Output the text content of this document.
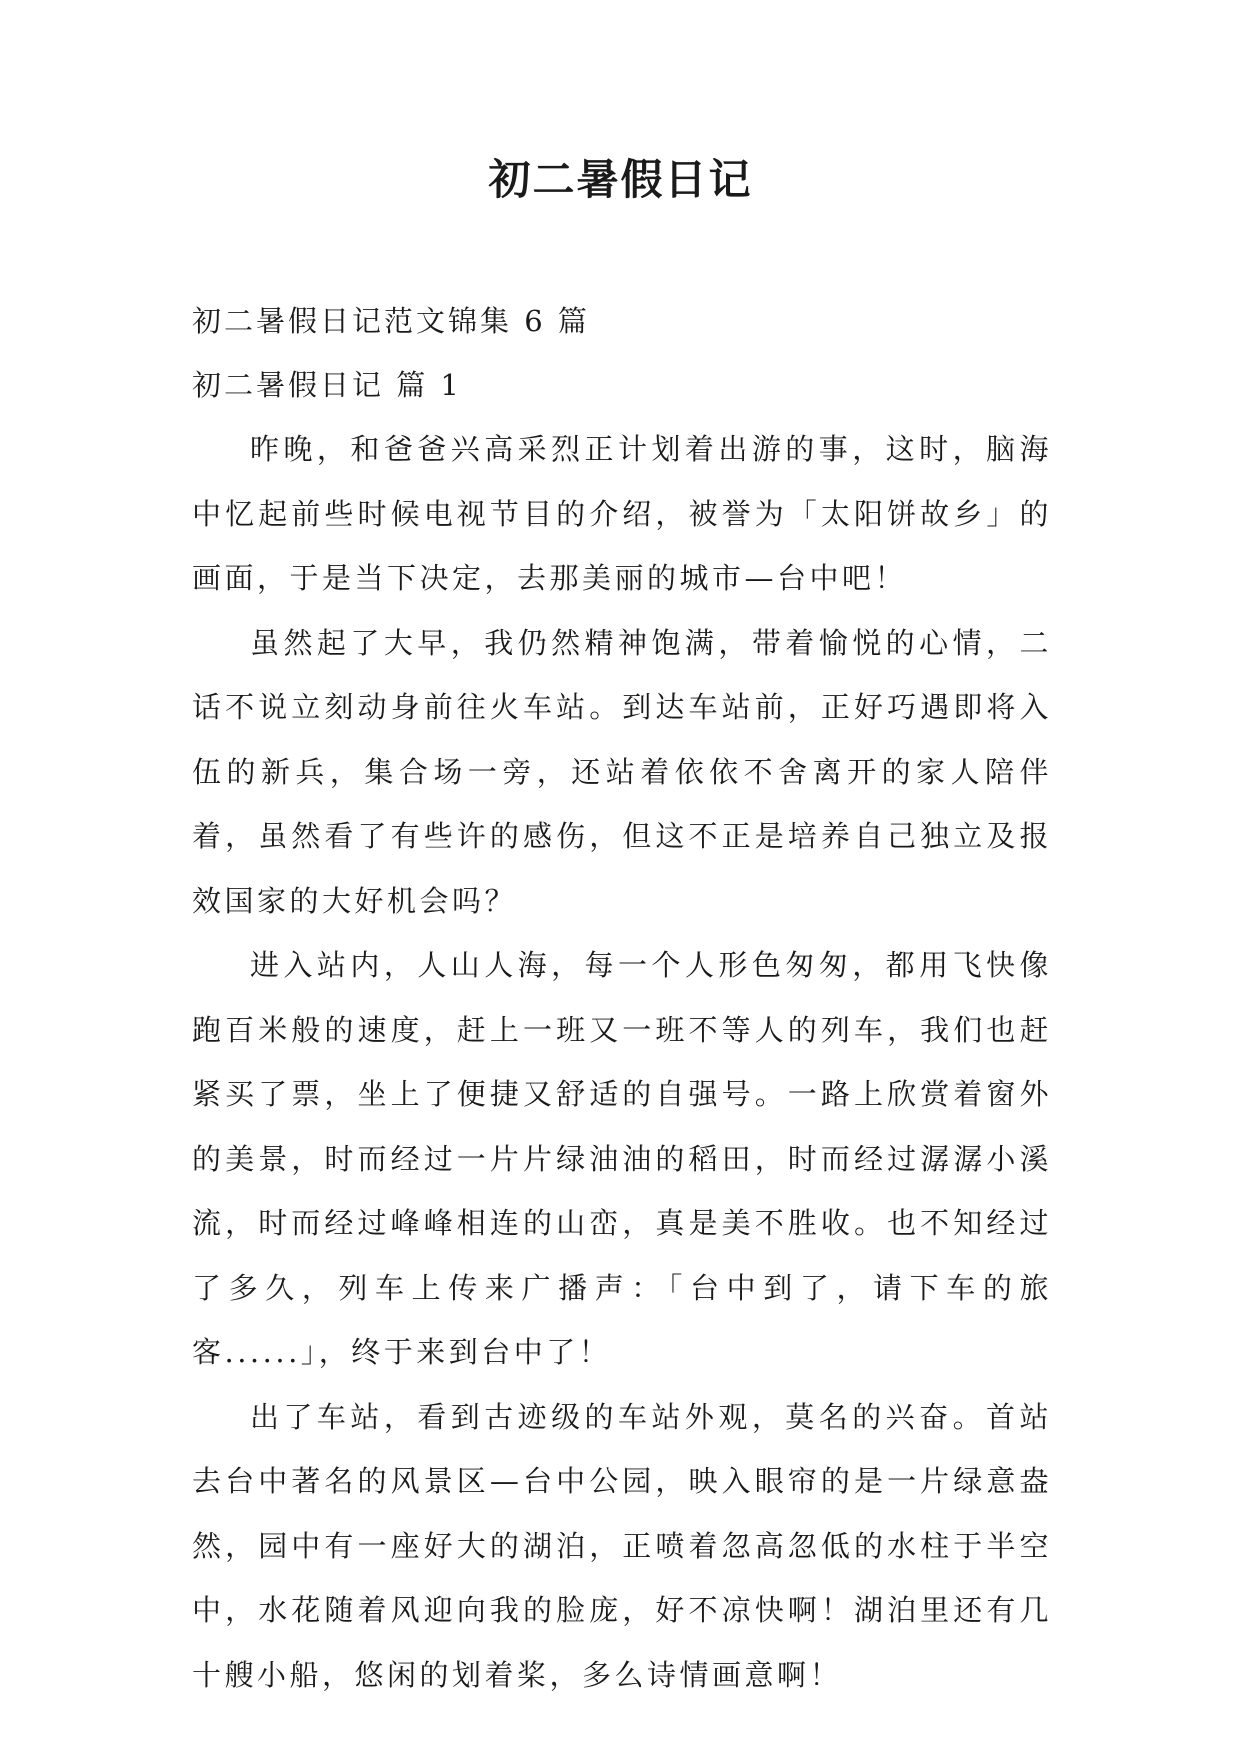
初二暑假日记

初二暑假日记范文锦集 6 篇

初二暑假日记 篇 1

昨晚，和爸爸兴高采烈正计划着出游的事，这时，脑海中忆起前些时候电视节目的介绍，被誉为「太阳饼故乡」的画面，于是当下决定，去那美丽的城市—台中吧！

虽然起了大早，我仍然精神饱满，带着愉悦的心情，二话不说立刻动身前往火车站。到达车站前，正好巧遇即将入伍的新兵，集合场一旁，还站着依依不舍离开的家人陪伴着，虽然看了有些许的感伤，但这不正是培养自己独立及报效国家的大好机会吗？

进入站内，人山人海，每一个人形色匆匆，都用飞快像跑百米般的速度，赶上一班又一班不等人的列车，我们也赶紧买了票，坐上了便捷又舒适的自强号。一路上欣赏着窗外的美景，时而经过一片片绿油油的稻田，时而经过潺潺小溪流，时而经过峰峰相连的山峦，真是美不胜收。也不知经过了多久，列车上传来广播声：「台中到了，请下车的旅客......」，终于来到台中了！

出了车站，看到古迹级的车站外观，莫名的兴奋。首站去台中著名的风景区—台中公园，映入眼帘的是一片绿意盎然，园中有一座好大的湖泊，正喷着忽高忽低的水柱于半空中，水花随着风迎向我的脸庞，好不凉快啊！湖泊里还有几十艘小船，悠闲的划着桨，多么诗情画意啊！
